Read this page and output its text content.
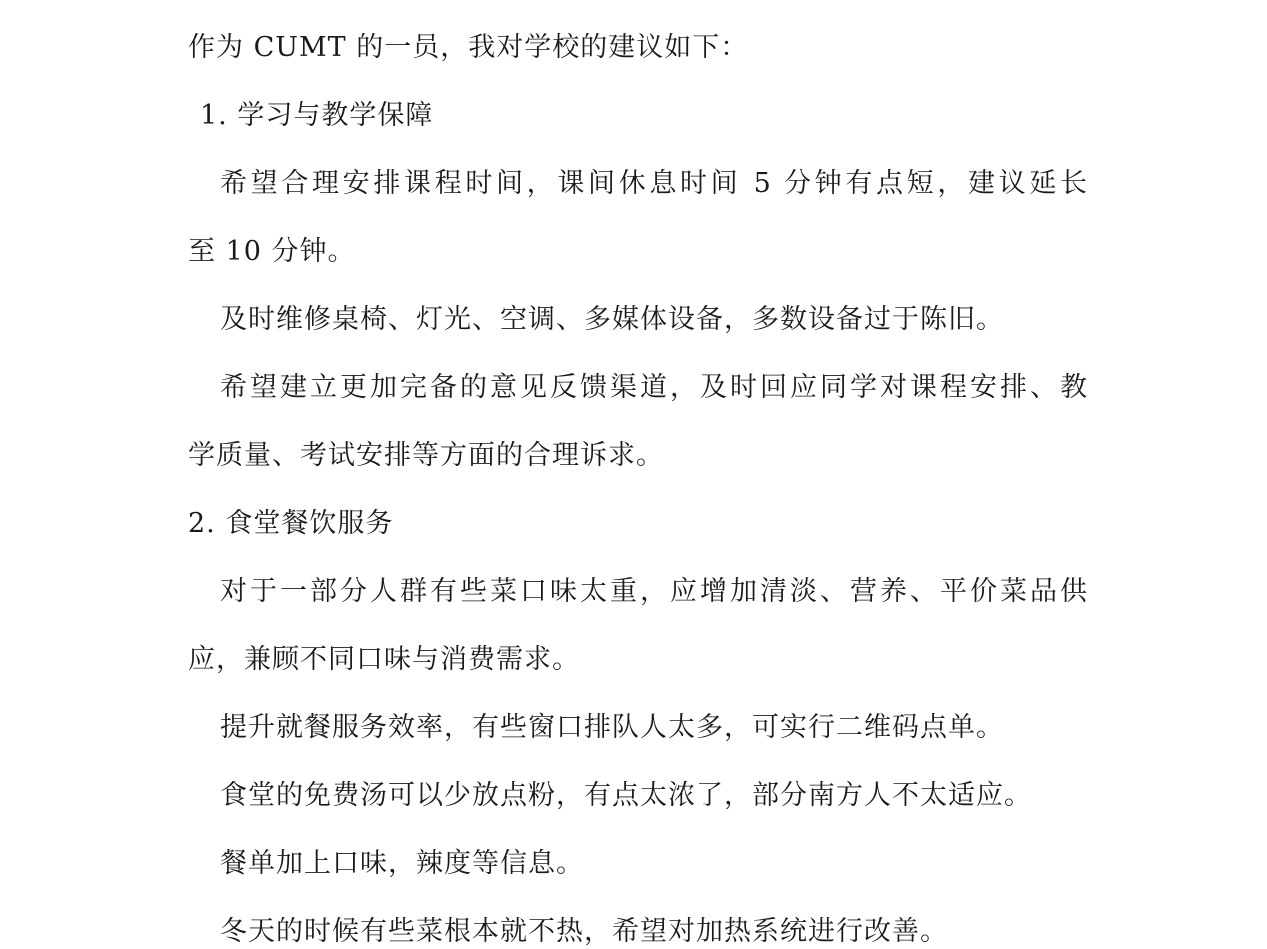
作为 CUMT 的一员，我对学校的建议如下：
1. 学习与教学保障
希望合理安排课程时间，课间休息时间 5 分钟有点短，建议延长
至 10 分钟。
及时维修桌椅、灯光、空调、多媒体设备，多数设备过于陈旧。
希望建立更加完备的意见反馈渠道，及时回应同学对课程安排、教
学质量、考试安排等方面的合理诉求。
2. 食堂餐饮服务
对于一部分人群有些菜口味太重，应增加清淡、营养、平价菜品供
应，兼顾不同口味与消费需求。
提升就餐服务效率，有些窗口排队人太多，可实行二维码点单。
食堂的免费汤可以少放点粉，有点太浓了，部分南方人不太适应。
餐单加上口味，辣度等信息。
冬天的时候有些菜根本就不热，希望对加热系统进行改善。
